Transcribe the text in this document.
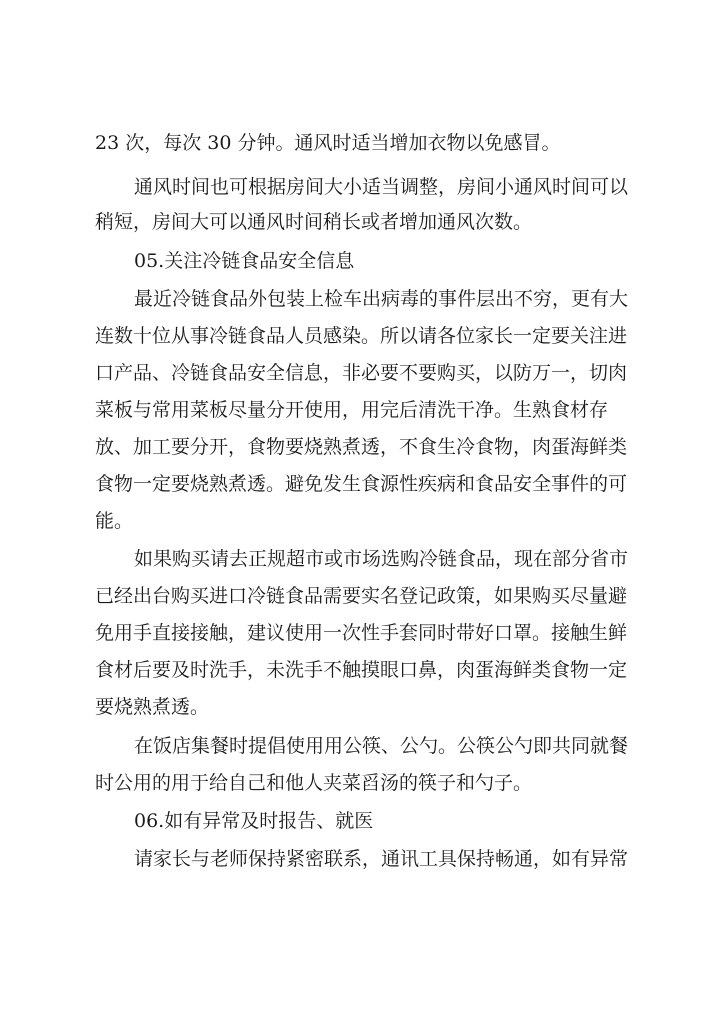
23 次，每次 30 分钟。通风时适当增加衣物以免感冒。
通风时间也可根据房间大小适当调整，房间小通风时间可以
稍短，房间大可以通风时间稍长或者增加通风次数。
05.关注冷链食品安全信息
最近冷链食品外包装上检车出病毒的事件层出不穷，更有大
连数十位从事冷链食品人员感染。所以请各位家长一定要关注进
口产品、冷链食品安全信息，非必要不要购买，以防万一，切肉
菜板与常用菜板尽量分开使用，用完后清洗干净。生熟食材存
放、加工要分开，食物要烧熟煮透，不食生冷食物，肉蛋海鲜类
食物一定要烧熟煮透。避免发生食源性疾病和食品安全事件的可
能。
如果购买请去正规超市或市场选购冷链食品，现在部分省市
已经出台购买进口冷链食品需要实名登记政策，如果购买尽量避
免用手直接接触，建议使用一次性手套同时带好口罩。接触生鲜
食材后要及时洗手，未洗手不触摸眼口鼻，肉蛋海鲜类食物一定
要烧熟煮透。
在饭店集餐时提倡使用用公筷、公勺。公筷公勺即共同就餐
时公用的用于给自己和他人夹菜舀汤的筷子和勺子。
06.如有异常及时报告、就医
请家长与老师保持紧密联系，通讯工具保持畅通，如有异常
